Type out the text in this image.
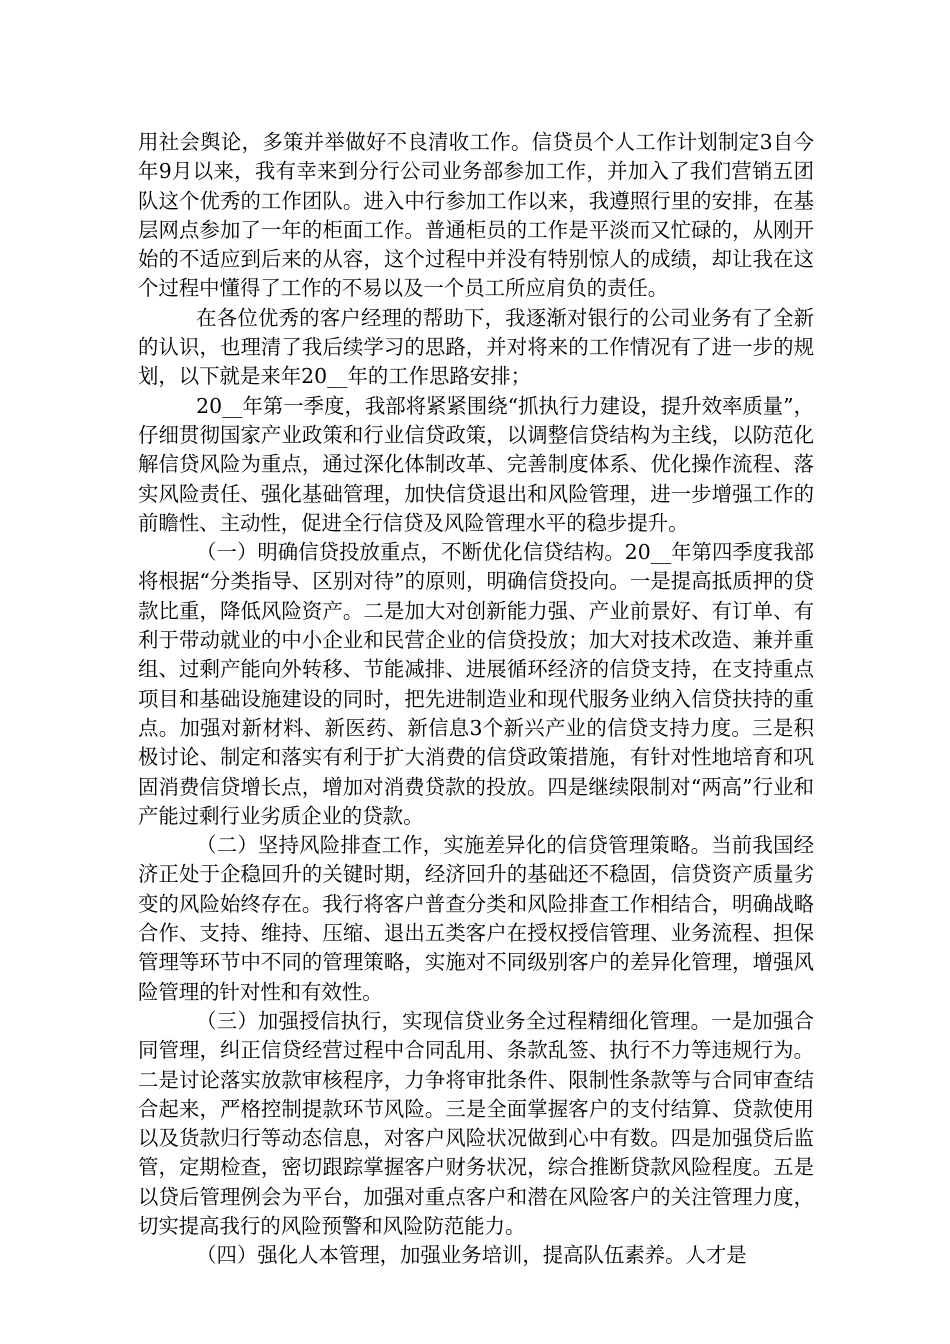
用社会舆论，多策并举做好不良清收工作。信贷员个人工作计划制定3自今年9月以来，我有幸来到分行公司业务部参加工作，并加入了我们营销五团队这个优秀的工作团队。进入中行参加工作以来，我遵照行里的安排，在基层网点参加了一年的柜面工作。普通柜员的工作是平淡而又忙碌的，从刚开始的不适应到后来的从容，这个过程中并没有特别惊人的成绩，却让我在这个过程中懂得了工作的不易以及一个员工所应肩负的责任。

在各位优秀的客户经理的帮助下，我逐渐对银行的公司业务有了全新的认识，也理清了我后续学习的思路，并对将来的工作情况有了进一步的规划，以下就是来年20__年的工作思路安排；

20__年第一季度，我部将紧紧围绕“抓执行力建设，提升效率质量”，仔细贯彻国家产业政策和行业信贷政策，以调整信贷结构为主线，以防范化解信贷风险为重点，通过深化体制改革、完善制度体系、优化操作流程、落实风险责任、强化基础管理，加快信贷退出和风险管理，进一步增强工作的前瞻性、主动性，促进全行信贷及风险管理水平的稳步提升。

（一）明确信贷投放重点，不断优化信贷结构。20__年第四季度我部将根据“分类指导、区别对待”的原则，明确信贷投向。一是提高抵质押的贷款比重，降低风险资产。二是加大对创新能力强、产业前景好、有订单、有利于带动就业的中小企业和民营企业的信贷投放；加大对技术改造、兼并重组、过剩产能向外转移、节能减排、进展循环经济的信贷支持，在支持重点项目和基础设施建设的同时，把先进制造业和现代服务业纳入信贷扶持的重点。加强对新材料、新医药、新信息3个新兴产业的信贷支持力度。三是积极讨论、制定和落实有利于扩大消费的信贷政策措施，有针对性地培育和巩固消费信贷增长点，增加对消费贷款的投放。四是继续限制对“两高”行业和产能过剩行业劣质企业的贷款。

（二）坚持风险排查工作，实施差异化的信贷管理策略。当前我国经济正处于企稳回升的关键时期，经济回升的基础还不稳固，信贷资产质量劣变的风险始终存在。我行将客户普查分类和风险排查工作相结合，明确战略合作、支持、维持、压缩、退出五类客户在授权授信管理、业务流程、担保管理等环节中不同的管理策略，实施对不同级别客户的差异化管理，增强风险管理的针对性和有效性。

（三）加强授信执行，实现信贷业务全过程精细化管理。一是加强合同管理，纠正信贷经营过程中合同乱用、条款乱签、执行不力等违规行为。二是讨论落实放款审核程序，力争将审批条件、限制性条款等与合同审查结合起来，严格控制提款环节风险。三是全面掌握客户的支付结算、贷款使用以及货款归行等动态信息，对客户风险状况做到心中有数。四是加强贷后监管，定期检查，密切跟踪掌握客户财务状况，综合推断贷款风险程度。五是以贷后管理例会为平台，加强对重点客户和潜在风险客户的关注管理力度，切实提高我行的风险预警和风险防范能力。

（四）强化人本管理，加强业务培训，提高队伍素养。人才是
